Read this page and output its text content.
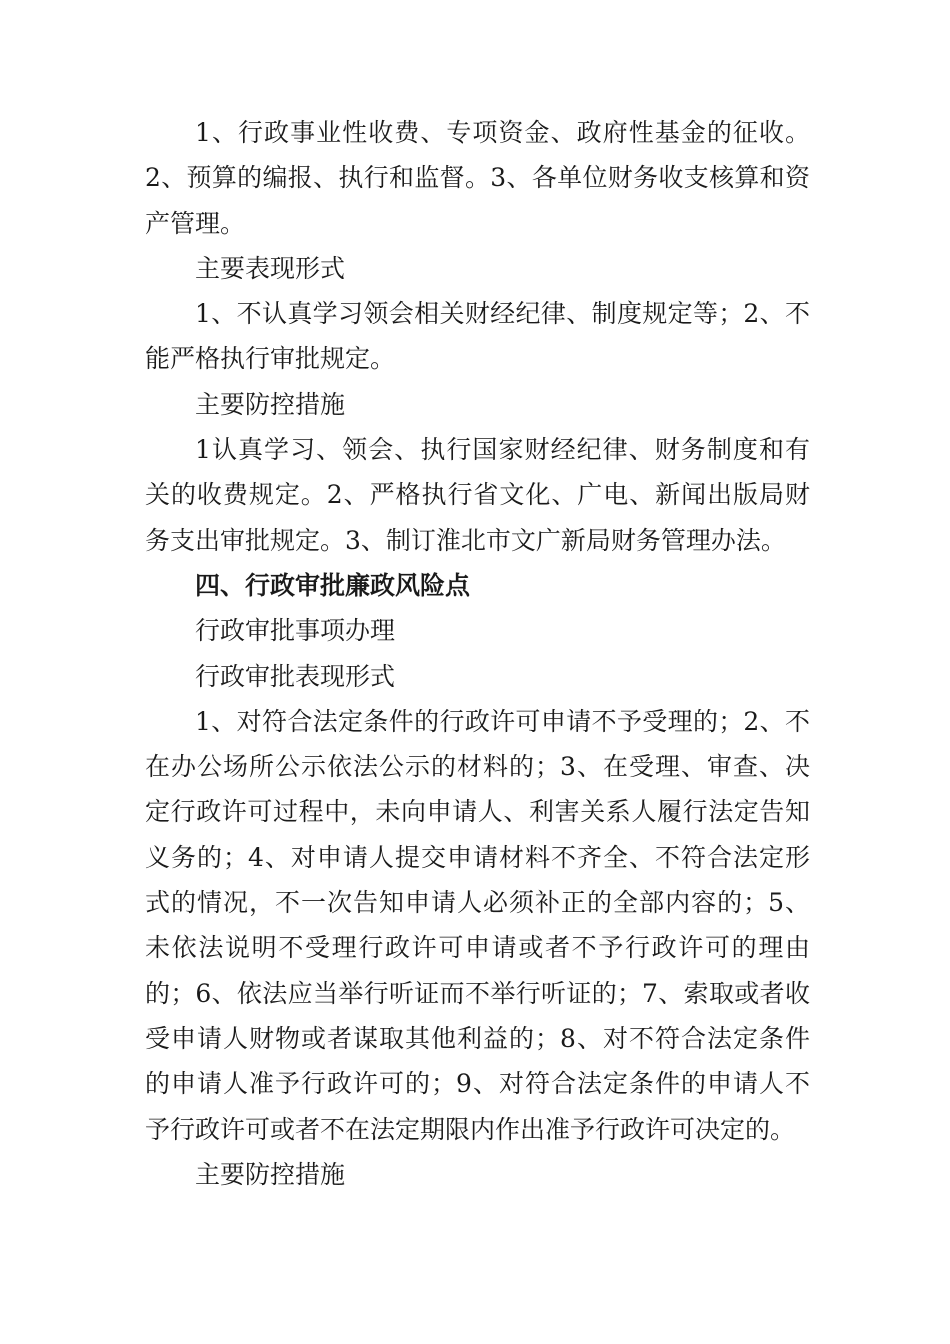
1、行政事业性收费、专项资金、政府性基金的征收。2、预算的编报、执行和监督。3、各单位财务收支核算和资产管理。

主要表现形式

1、不认真学习领会相关财经纪律、制度规定等；2、不能严格执行审批规定。

主要防控措施

1认真学习、领会、执行国家财经纪律、财务制度和有关的收费规定。2、严格执行省文化、广电、新闻出版局财务支出审批规定。3、制订淮北市文广新局财务管理办法。

四、行政审批廉政风险点

行政审批事项办理

行政审批表现形式

1、对符合法定条件的行政许可申请不予受理的；2、不在办公场所公示依法公示的材料的；3、在受理、审查、决定行政许可过程中，未向申请人、利害关系人履行法定告知义务的；4、对申请人提交申请材料不齐全、不符合法定形式的情况，不一次告知申请人必须补正的全部内容的；5、未依法说明不受理行政许可申请或者不予行政许可的理由的；6、依法应当举行听证而不举行听证的；7、索取或者收受申请人财物或者谋取其他利益的；8、对不符合法定条件的申请人准予行政许可的；9、对符合法定条件的申请人不予行政许可或者不在法定期限内作出准予行政许可决定的。

主要防控措施
